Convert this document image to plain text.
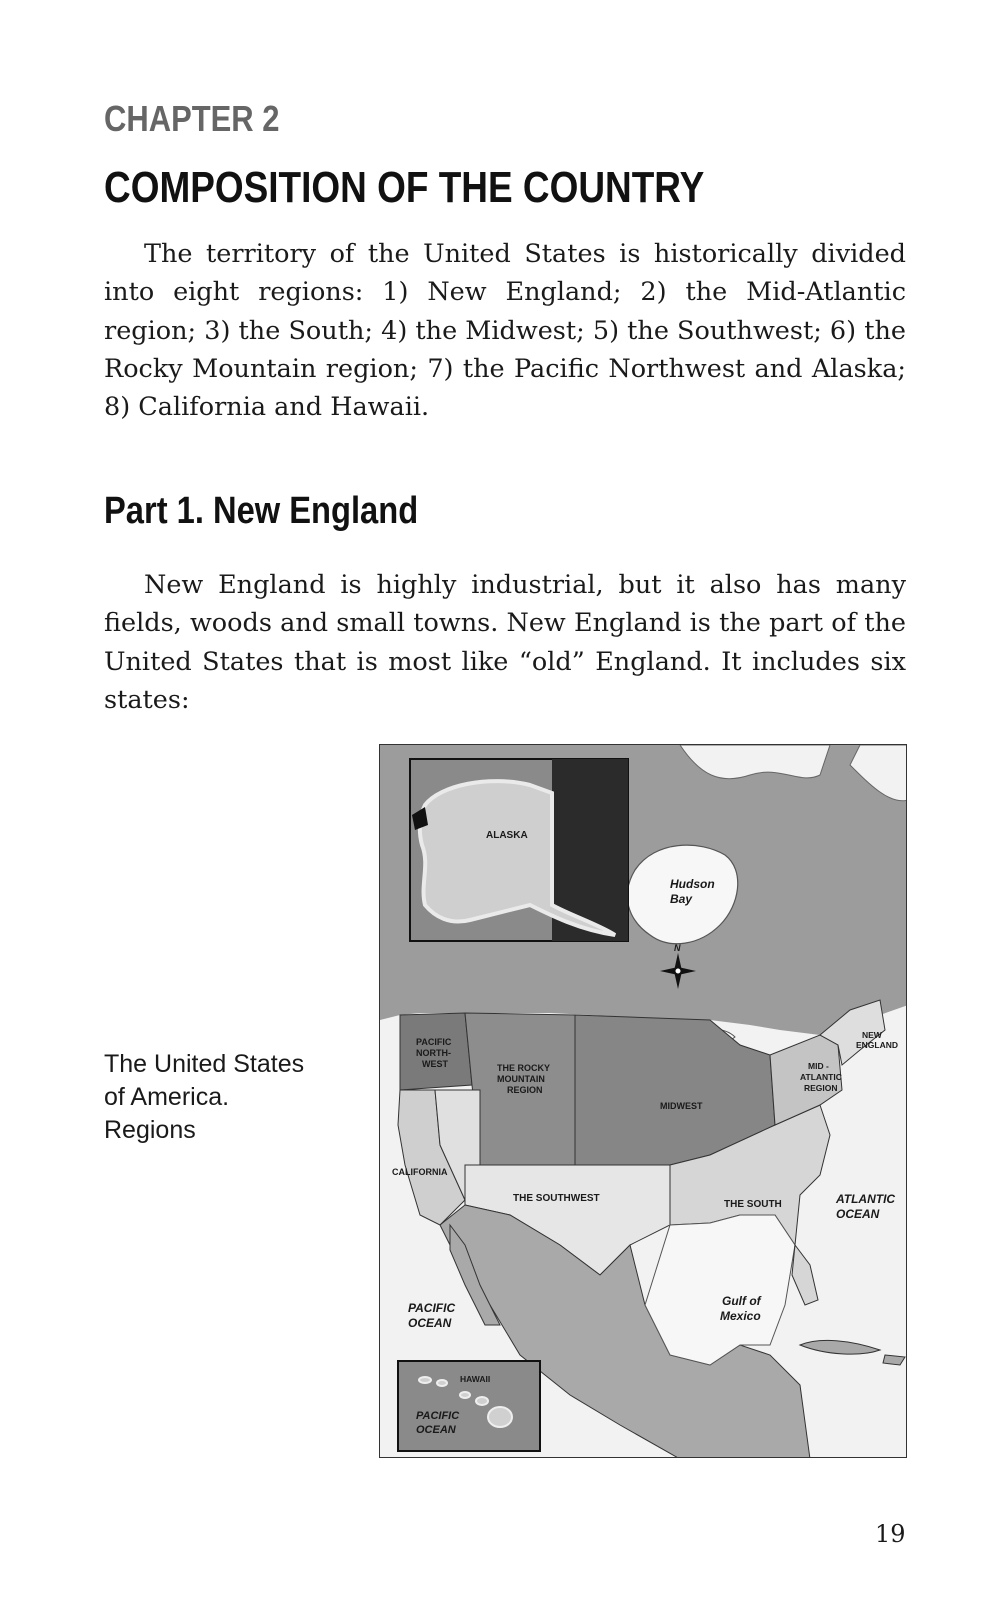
CHAPTER 2
COMPOSITION OF THE COUNTRY

The territory of the United States is historically divided into eight regions: 1) New England; 2) the Mid-Atlantic region; 3) the South; 4) the Midwest; 5) the Southwest; 6) the Rocky Mountain region; 7) the Pacific Northwest and Alaska; 8) California and Hawaii.

Part 1. New England

New England is highly industrial, but it also has many fields, woods and small towns. New England is the part of the United States that is most like “old” England. It includes six states:

The United States
of America.
Regions
ALASKA
Hudson
Bay
N
PACIFIC
NORTH-
WEST	THE ROCKY
MOUNTAIN
REGION
MIDWEST
NEW
ENGLAND
MID -
ATLANTIC
REGION
CALIFORNIA
THE SOUTHWEST
THE SOUTH	ATLANTIC
OCEAN
Gulf of
Mexico
PACIFIC
OCEAN
HAWAII
PACIFIC
OCEAN
19
